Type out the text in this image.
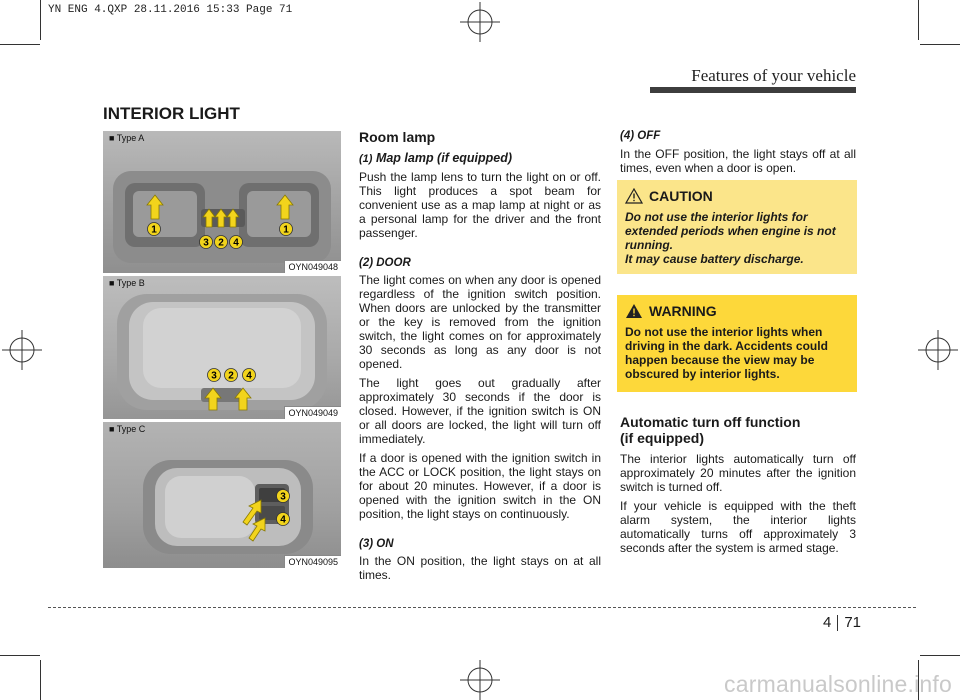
YN ENG 4.QXP 28.11.2016 15:33 Page 71
Features of your vehicle
INTERIOR LIGHT
1	1
3 2 4
■ Type A
OYN049048
3 2 4
■ Type B
OYN049049
3
4
■ Type C
OYN049095
Room lamp
(1) Map lamp (if equipped)

Push the lamp lens to turn the light on or off. This light produces a spot beam for convenient use as a map lamp at night or as a personal lamp for the driver and the front passenger.

(2) DOOR

The light comes on when any door is opened regardless of the ignition switch position. When doors are unlocked by the transmitter or the key is removed from the ignition switch, the light comes on for approximately 30 seconds as long as any door is not opened.

The light goes out gradually after approximately 30 seconds if the door is closed. However, if the ignition switch is ON or all doors are locked, the light will turn off immediately.

If a door is opened with the ignition switch in the ACC or LOCK position, the light stays on for about 20 minutes. However, if a door is opened with the ignition switch in the ON position, the light stays on continuously.

(3) ON

In the ON position, the light stays on at all times.

(4) OFF

In the OFF position, the light stays off at all times, even when a door is open.

CAUTION
Do not use the interior lights for extended periods when engine is not running.
It may cause battery discharge.
WARNING
Do not use the interior lights when driving in the dark. Accidents could happen because the view may be obscured by interior lights.
Automatic turn off function
(if equipped)

The interior lights automatically turn off approximately 20 minutes after the ignition switch is turned off.

If your vehicle is equipped with the theft alarm system, the interior lights automatically turns off approximately 3 seconds after the system is armed stage.

4 71
carmanualsonline.info
